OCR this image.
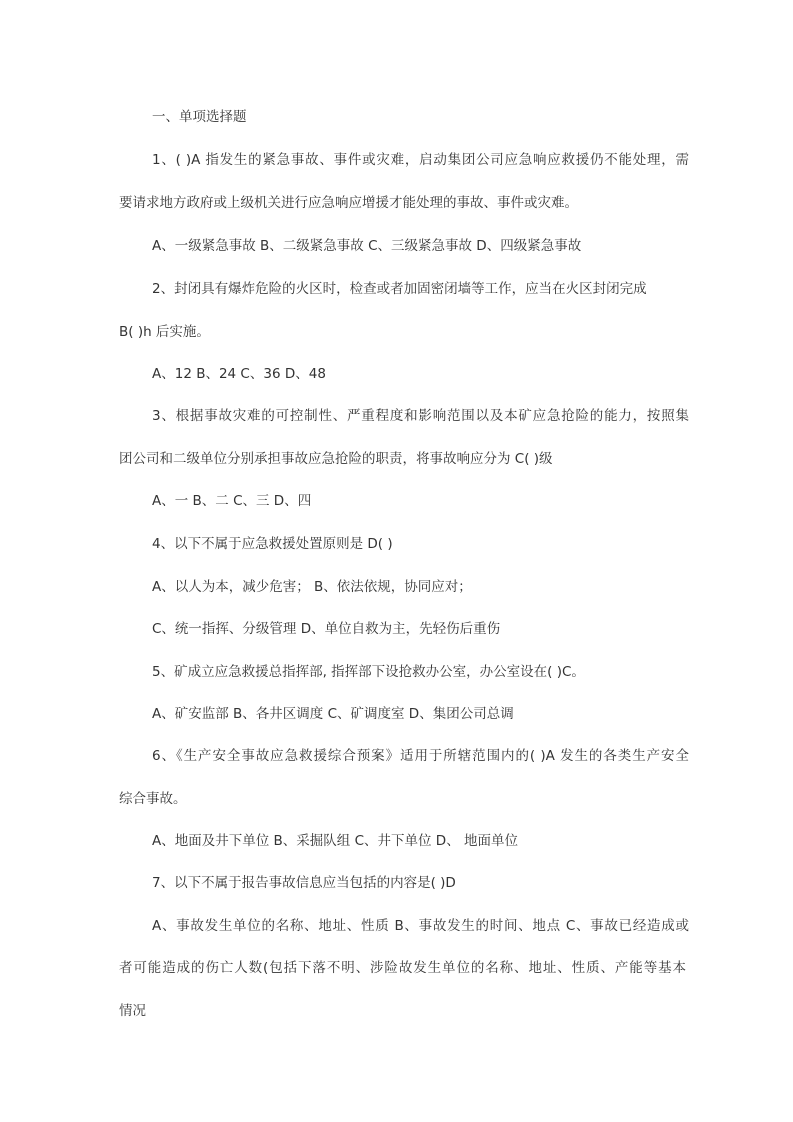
一、单项选择题
1、( )A 指发生的紧急事故、事件或灾难，启动集团公司应急响应救援仍不能处理，需
要请求地方政府或上级机关进行应急响应增援才能处理的事故、事件或灾难。
A、一级紧急事故 B、二级紧急事故 C、三级紧急事故 D、四级紧急事故
2、封闭具有爆炸危险的火区时，检查或者加固密闭墙等工作，应当在火区封闭完成
B( )h 后实施。
A、12 B、24 C、36 D、48
3、根据事故灾难的可控制性、严重程度和影响范围以及本矿应急抢险的能力，按照集
团公司和二级单位分别承担事故应急抢险的职责，将事故响应分为 C( )级
A、一 B、二 C、三 D、四
4、以下不属于应急救援处置原则是 D( )
A、以人为本，减少危害； B、依法依规，协同应对；
C、统一指挥、分级管理 D、单位自救为主，先轻伤后重伤
5、矿成立应急救援总指挥部, 指挥部下设抢救办公室，办公室设在( )C。
A、矿安监部 B、各井区调度 C、矿调度室 D、集团公司总调
6、《生产安全事故应急救援综合预案》适用于所辖范围内的( )A 发生的各类生产安全
综合事故。
A、地面及井下单位 B、采掘队组 C、井下单位 D、 地面单位
7、以下不属于报告事故信息应当包括的内容是( )D
A、事故发生单位的名称、地址、性质 B、事故发生的时间、地点 C、事故已经造成或
者可能造成的伤亡人数(包括下落不明、涉险故发生单位的名称、地址、性质、产能等基本
情况
